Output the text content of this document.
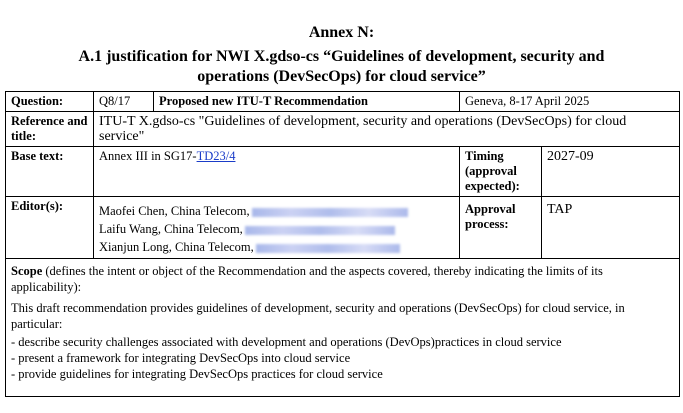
Annex N:
A.1 justification for NWI X.gdso-cs “Guidelines of development, security and
operations (DevSecOps) for cloud service”
Question:	Q8/17	Proposed new ITU-T Recommendation	Geneva, 8-17 April 2025	
Reference and title:	ITU-T X.gdso-cs "Guidelines of development, security and operations (DevSecOps) for cloud service"			
Base text:	Annex III in SG17-TD23/4		Timing (approval expected):	2027-09
Editor(s):	Maofei Chen, China Telecom,
Laifu Wang, China Telecom,
Xianjun Long, China Telecom,		Approval process:	TAP

Scope (defines the intent or object of the Recommendation and the aspects covered, thereby indicating the limits of its applicability):

This draft recommendation provides guidelines of development, security and operations (DevSecOps) for cloud service, in particular:

- describe security challenges associated with development and operations (DevOps)practices in cloud service

- present a framework for integrating DevSecOps into cloud service

- provide guidelines for integrating DevSecOps practices for cloud service				
